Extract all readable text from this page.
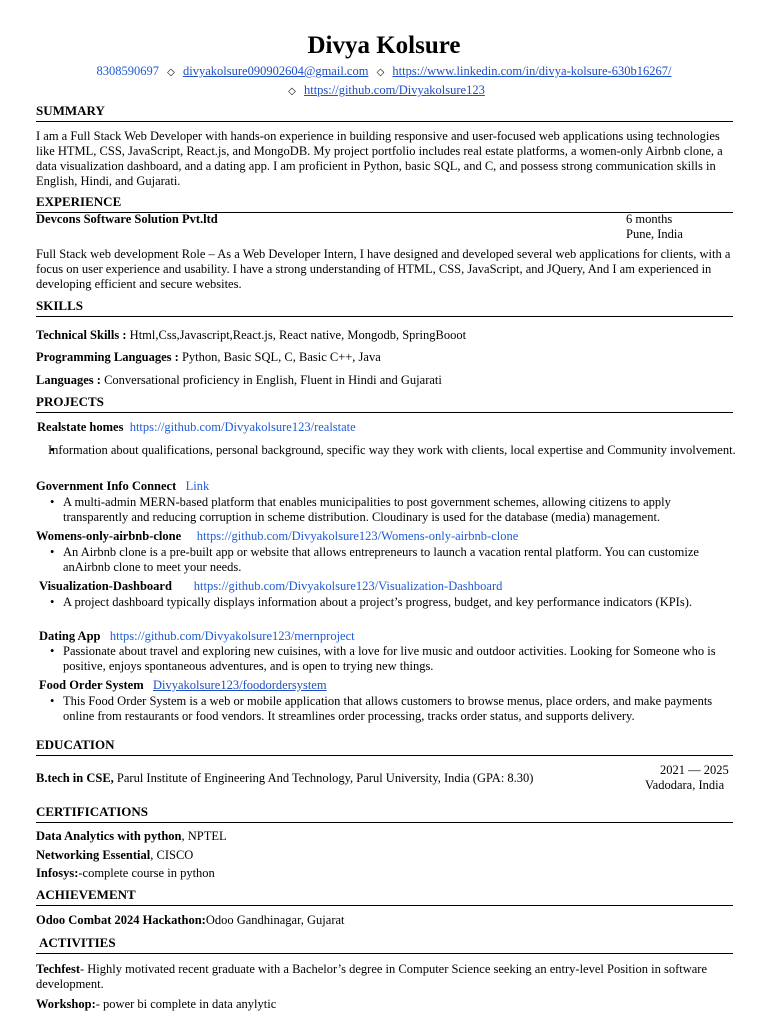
Divya Kolsure
8308590697 ◇ divyakolsure090902604@gmail.com ◇ https://www.linkedin.com/in/divya-kolsure-630b16267/
◇ https://github.com/Divyakolsure123
SUMMARY
I am a Full Stack Web Developer with hands-on experience in building responsive and user-focused web applications using technologies like HTML, CSS, JavaScript, React.js, and MongoDB. My project portfolio includes real estate platforms, a women-only Airbnb clone, a data visualization dashboard, and a dating app. I am proficient in Python, basic SQL, and C, and possess strong communication skills in English, Hindi, and Gujarati.
EXPERIENCE
Devcons Software Solution Pvt.ltd	6 months
Pune, India
Full Stack web development Role – As a Web Developer Intern, I have designed and developed several web applications for clients, with a focus on user experience and usability. I have a strong understanding of HTML, CSS, JavaScript, and JQuery, And I am experienced in developing efficient and secure websites.
SKILLS
Technical Skills : Html,Css,Javascript,React.js, React native, Mongodb, SpringBooot
Programming Languages : Python, Basic SQL, C, Basic C++, Java
Languages : Conversational proficiency in English, Fluent in Hindi and Gujarati
PROJECTS
Realstate homes https://github.com/Divyakolsure123/realstate
• Information about qualifications, personal background, specific way they work with clients, local expertise and Community involvement.
Government Info Connect Link
• A multi-admin MERN-based platform that enables municipalities to post government schemes, allowing citizens to apply transparently and reducing corruption in scheme distribution. Cloudinary is used for the database (media) management.
Womens-only-airbnb-clone https://github.com/Divyakolsure123/Womens-only-airbnb-clone
• An Airbnb clone is a pre-built app or website that allows entrepreneurs to launch a vacation rental platform. You can customize anAirbnb clone to meet your needs.
Visualization-Dashboard https://github.com/Divyakolsure123/Visualization-Dashboard
• A project dashboard typically displays information about a project’s progress, budget, and key performance indicators (KPIs).
Dating App https://github.com/Divyakolsure123/mernproject
• Passionate about travel and exploring new cuisines, with a love for live music and outdoor activities. Looking for Someone who is positive, enjoys spontaneous adventures, and is open to trying new things.
Food Order System Divyakolsure123/foodordersystem
• This Food Order System is a web or mobile application that allows customers to browse menus, place orders, and make payments online from restaurants or food vendors. It streamlines order processing, tracks order status, and supports delivery.
EDUCATION
B.tech in CSE, Parul Institute of Engineering And Technology, Parul University, India (GPA: 8.30)
2021 — 2025
Vadodara, India
CERTIFICATIONS
Data Analytics with python, NPTEL
Networking Essential, CISCO
Infosys:-complete course in python
ACHIEVEMENT
Odoo Combat 2024 Hackathon:Odoo Gandhinagar, Gujarat
ACTIVITIES
Techfest- Highly motivated recent graduate with a Bachelor’s degree in Computer Science seeking an entry-level Position in software development.
Workshop:- power bi complete in data anylytic
